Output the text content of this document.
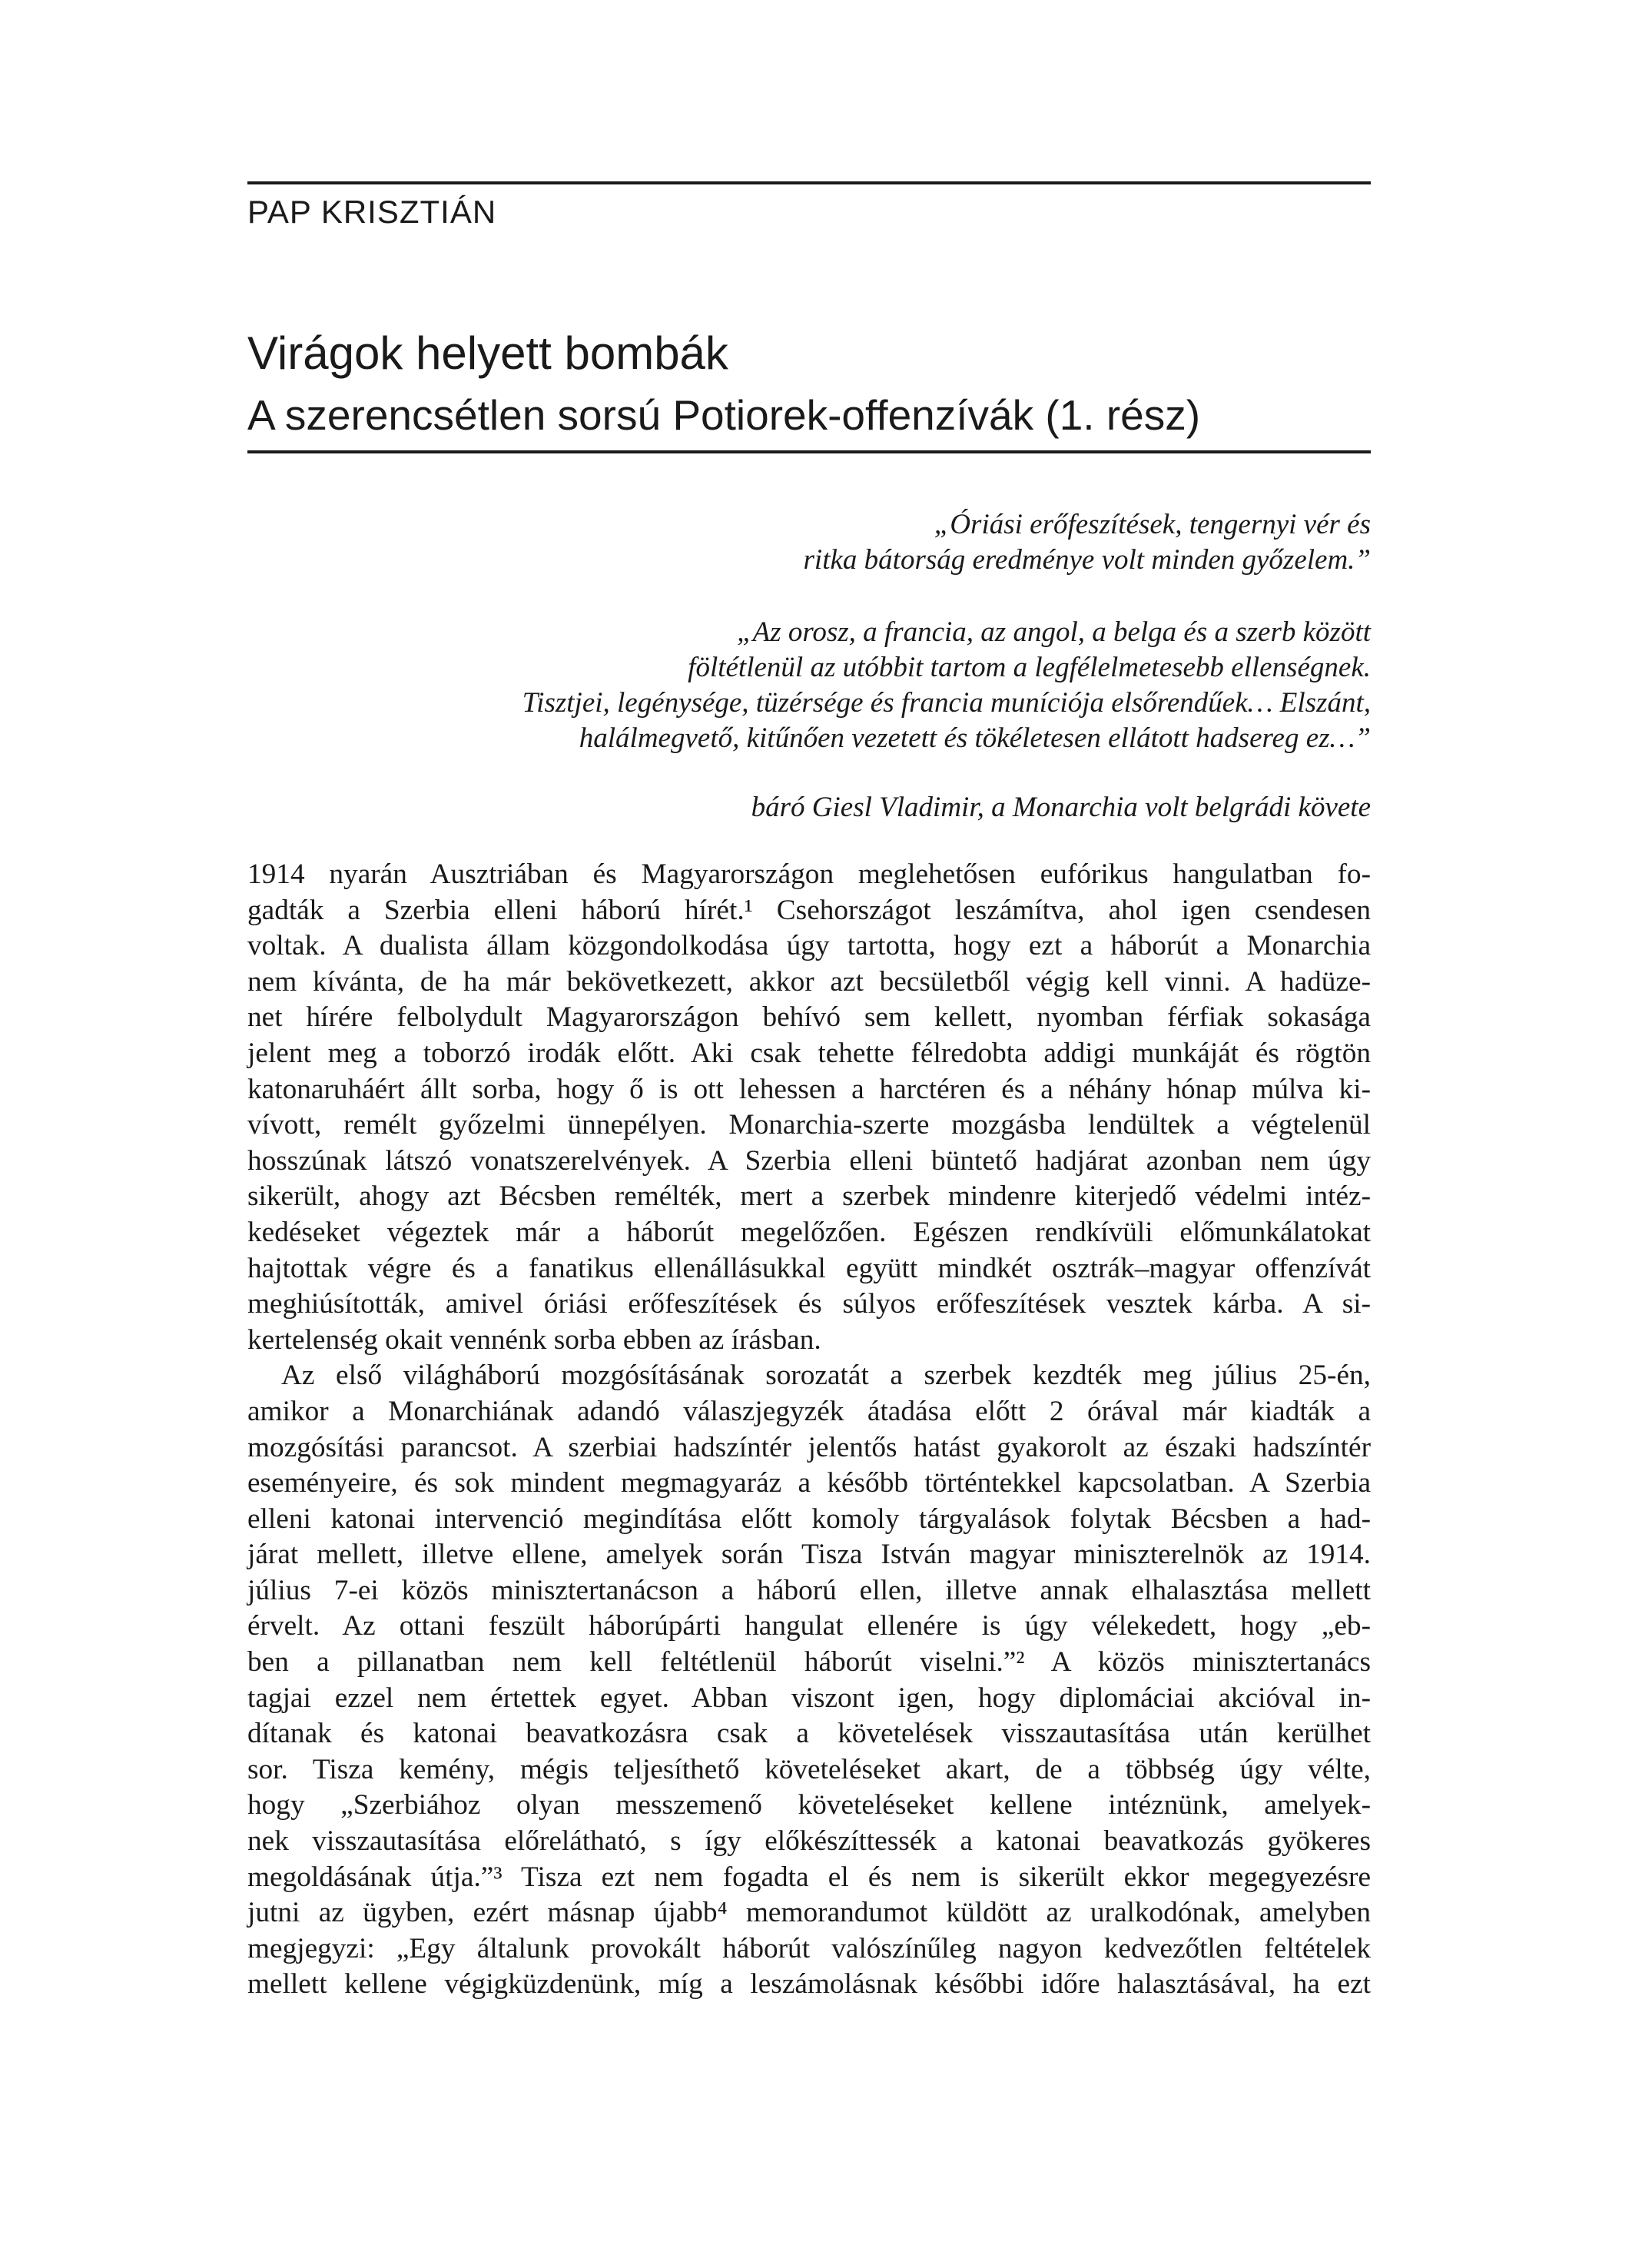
PAP KRISZTIÁN
Virágok helyett bombák
A szerencsétlen sorsú Potiorek-offenzívák (1. rész)
„Óriási erőfeszítések, tengernyi vér és
ritka bátorság eredménye volt minden győzelem.”
„Az orosz, a francia, az angol, a belga és a szerb között
föltétlenül az utóbbit tartom a legfélelmetesebb ellenségnek.
Tisztjei, legénysége, tüzérsége és francia muníciója elsőrendűek… Elszánt,
halálmegvető, kitűnően vezetett és tökéletesen ellátott hadsereg ez…”
báró Giesl Vladimir, a Monarchia volt belgrádi követe
1914 nyarán Ausztriában és Magyarországon meglehetősen eufórikus hangulatban fo-
gadták a Szerbia elleni háború hírét.¹ Csehországot leszámítva, ahol igen csendesen
voltak. A dualista állam közgondolkodása úgy tartotta, hogy ezt a háborút a Monarchia
nem kívánta, de ha már bekövetkezett, akkor azt becsületből végig kell vinni. A hadüze-
net hírére felbolydult Magyarországon behívó sem kellett, nyomban férfiak sokasága
jelent meg a toborzó irodák előtt. Aki csak tehette félredobta addigi munkáját és rögtön
katonaruháért állt sorba, hogy ő is ott lehessen a harctéren és a néhány hónap múlva ki-
vívott, remélt győzelmi ünnepélyen. Monarchia-szerte mozgásba lendültek a végtelenül
hosszúnak látszó vonatszerelvények. A Szerbia elleni büntető hadjárat azonban nem úgy
sikerült, ahogy azt Bécsben remélték, mert a szerbek mindenre kiterjedő védelmi intéz-
kedéseket végeztek már a háborút megelőzően. Egészen rendkívüli előmunkálatokat
hajtottak végre és a fanatikus ellenállásukkal együtt mindkét osztrák–magyar offenzívát
meghiúsították, amivel óriási erőfeszítések és súlyos erőfeszítések vesztek kárba. A si-
kertelenség okait vennénk sorba ebben az írásban.
Az első világháború mozgósításának sorozatát a szerbek kezdték meg július 25-én,
amikor a Monarchiának adandó válaszjegyzék átadása előtt 2 órával már kiadták a
mozgósítási parancsot. A szerbiai hadszíntér jelentős hatást gyakorolt az északi hadszíntér
eseményeire, és sok mindent megmagyaráz a később történtekkel kapcsolatban. A Szerbia
elleni katonai intervenció megindítása előtt komoly tárgyalások folytak Bécsben a had-
járat mellett, illetve ellene, amelyek során Tisza István magyar miniszterelnök az 1914.
július 7-ei közös minisztertanácson a háború ellen, illetve annak elhalasztása mellett
érvelt. Az ottani feszült háborúpárti hangulat ellenére is úgy vélekedett, hogy „eb-
ben a pillanatban nem kell feltétlenül háborút viselni.”² A közös minisztertanács
tagjai ezzel nem értettek egyet. Abban viszont igen, hogy diplomáciai akcióval in-
dítanak és katonai beavatkozásra csak a követelések visszautasítása után kerülhet
sor. Tisza kemény, mégis teljesíthető követeléseket akart, de a többség úgy vélte,
hogy „Szerbiához olyan messzemenő követeléseket kellene intéznünk, amelyek-
nek visszautasítása előrelátható, s így előkészíttessék a katonai beavatkozás gyökeres
megoldásának útja.”³ Tisza ezt nem fogadta el és nem is sikerült ekkor megegyezésre
jutni az ügyben, ezért másnap újabb⁴ memorandumot küldött az uralkodónak, amelyben
megjegyzi: „Egy általunk provokált háborút valószínűleg nagyon kedvezőtlen feltételek
mellett kellene végigküzdenünk, míg a leszámolásnak későbbi időre halasztásával, ha ezt
